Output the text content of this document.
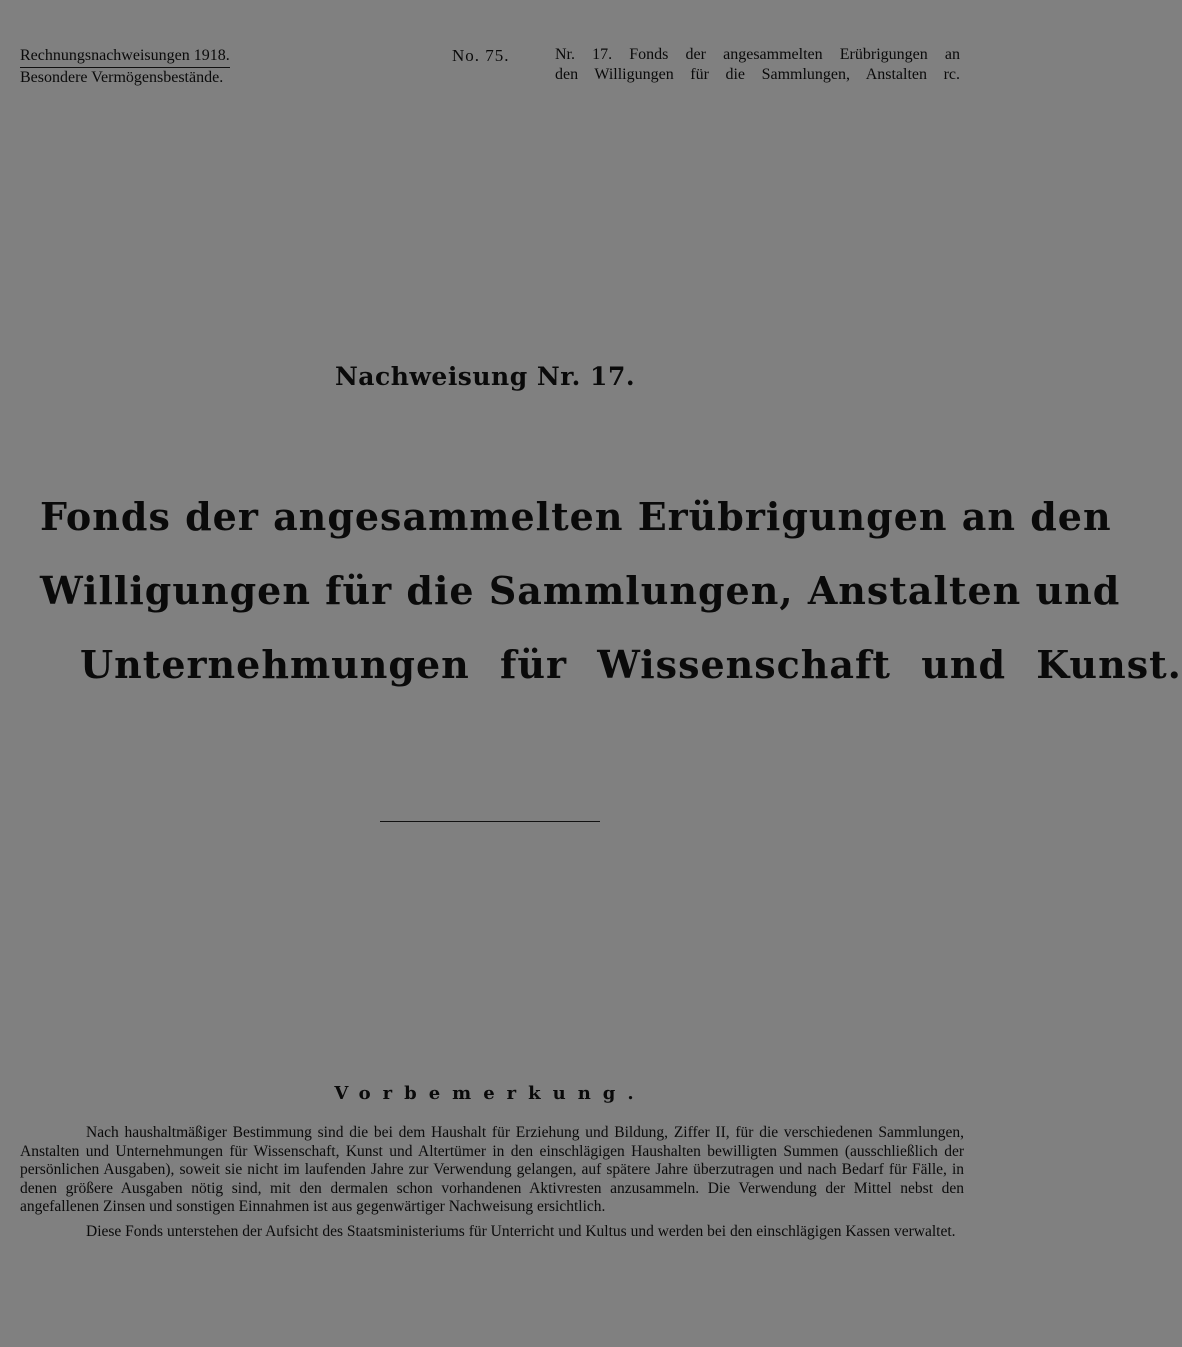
Rechnungsnachweisungen 1918.
Besondere Vermögensbestände.
No. 75.	Nr. 17. Fonds der angesammelten Erübrigungen an
den Willigungen für die Sammlungen, Anstalten rc.
Nachweisung Nr. 17.
Fonds der angesammelten Erübrigungen an den
Willigungen für die Sammlungen, Anstalten und
Unternehmungen für Wissenschaft und Kunst.
Vorbemerkung.

Nach haushaltmäßiger Bestimmung sind die bei dem Haushalt für Erziehung und Bildung, Ziffer II, für die verschiedenen Sammlungen, Anstalten und Unternehmungen für Wissenschaft, Kunst und Altertümer in den einschlägigen Haushalten bewilligten Summen (ausschließlich der persönlichen Ausgaben), soweit sie nicht im laufenden Jahre zur Verwendung gelangen, auf spätere Jahre überzutragen und nach Bedarf für Fälle, in denen größere Ausgaben nötig sind, mit den dermalen schon vorhandenen Aktivresten anzusammeln. Die Verwendung der Mittel nebst den angefallenen Zinsen und sonstigen Einnahmen ist aus gegenwärtiger Nachweisung ersichtlich.

Diese Fonds unterstehen der Aufsicht des Staatsministeriums für Unterricht und Kultus und werden bei den einschlägigen Kassen verwaltet.
